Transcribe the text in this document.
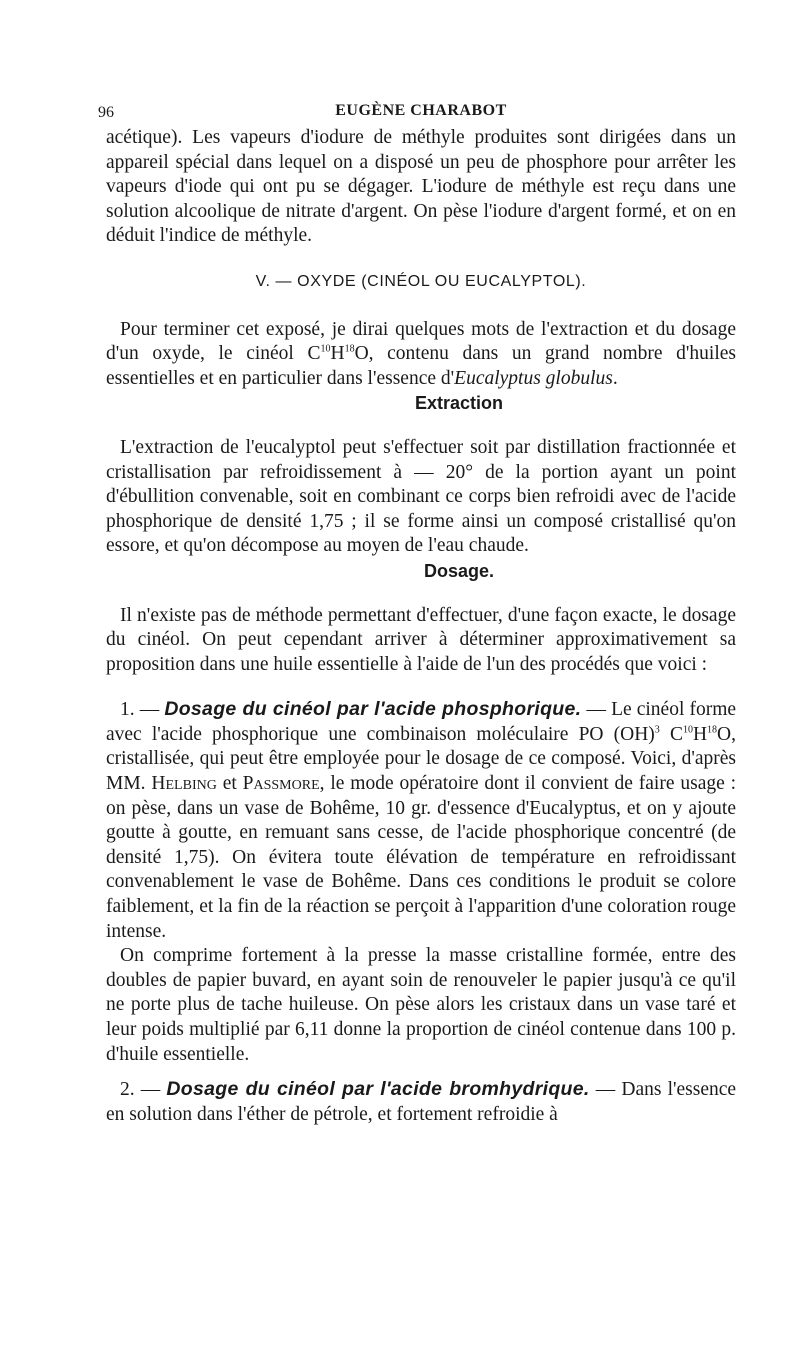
96	EUGÈNE CHARABOT

acétique). Les vapeurs d'iodure de méthyle produites sont dirigées dans un appareil spécial dans lequel on a disposé un peu de phosphore pour arrêter les vapeurs d'iode qui ont pu se dégager. L'iodure de méthyle est reçu dans une solution alcoolique de nitrate d'argent. On pèse l'iodure d'argent formé, et on en déduit l'indice de méthyle.

V. — OXYDE (CINÉOL OU EUCALYPTOL).

Pour terminer cet exposé, je dirai quelques mots de l'extraction et du dosage d'un oxyde, le cinéol $C^{10}H^{18}O$, contenu dans un grand nombre d'huiles essentielles et en particulier dans l'essence d'Eucalyptus globulus.

Extraction

L'extraction de l'eucalyptol peut s'effectuer soit par distillation fractionnée et cristallisation par refroidissement à — 20° de la portion ayant un point d'ébullition convenable, soit en combinant ce corps bien refroidi avec de l'acide phosphorique de densité 1,75 ; il se forme ainsi un composé cristallisé qu'on essore, et qu'on décompose au moyen de l'eau chaude.

Dosage.

Il n'existe pas de méthode permettant d'effectuer, d'une façon exacte, le dosage du cinéol. On peut cependant arriver à déterminer approximativement sa proposition dans une huile essentielle à l'aide de l'un des procédés que voici :

1. — Dosage du cinéol par l'acide phosphorique. — Le cinéol forme avec l'acide phosphorique une combinaison moléculaire PO (OH)$^3$ $C^{10}H^{18}O$, cristallisée, qui peut être employée pour le dosage de ce composé. Voici, d'après MM. Helbing et Passmore, le mode opératoire dont il convient de faire usage : on pèse, dans un vase de Bohême, 10 gr. d'essence d'Eucalyptus, et on y ajoute goutte à goutte, en remuant sans cesse, de l'acide phosphorique concentré (de densité 1,75). On évitera toute élévation de température en refroidissant convenablement le vase de Bohême. Dans ces conditions le produit se colore faiblement, et la fin de la réaction se perçoit à l'apparition d'une coloration rouge intense.

On comprime fortement à la presse la masse cristalline formée, entre des doubles de papier buvard, en ayant soin de renouveler le papier jusqu'à ce qu'il ne porte plus de tache huileuse. On pèse alors les cristaux dans un vase taré et leur poids multiplié par 6,11 donne la proportion de cinéol contenue dans 100 p. d'huile essentielle.

2. — Dosage du cinéol par l'acide bromhydrique. — Dans l'essence en solution dans l'éther de pétrole, et fortement refroidie à
